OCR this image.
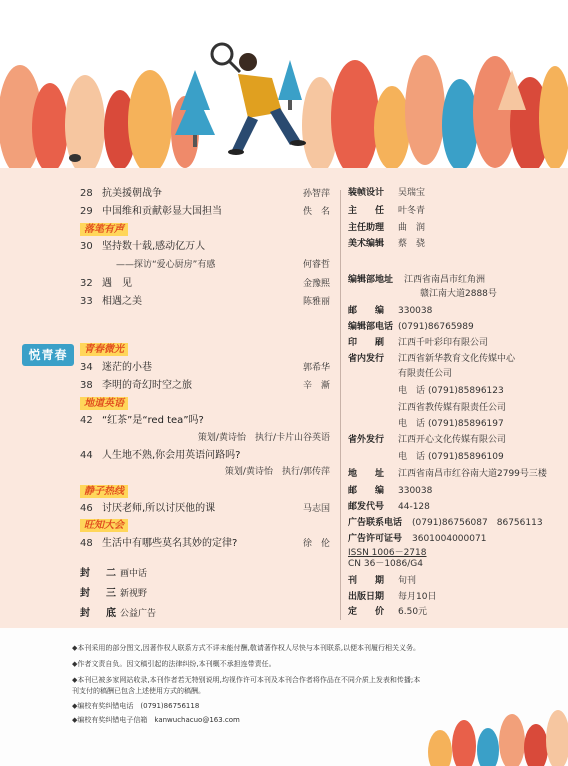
悦青春
28 抗美援朝战争	孙智萍
29 中国维和贡献彰显大国担当	佚　名
落笔有声
30 坚持数十载,感动亿万人
——探访“爱心厨房”有感	何睿哲
32 遇　见	金豫熙
33 相遇之美	陈雅丽
青春微光
34 迷茫的小巷	郭希华
38 李明的奇幻时空之旅	辛　漸
地道英语
42 “红茶”是“red tea”吗?
策划/黄诗怡　执行/卡片山谷英语
44 人生地不熟,你会用英语问路吗?
策划/黄诗怡　执行/郭传萍
静子热线
46 讨厌老师,所以讨厌他的课	马志国
旺知大会
48 生活中有哪些莫名其妙的定律?	徐　伦
封　二画中话
封　三新视野
封　底公益广告
装帧设计 吴瑞宝
主　　任 叶冬青
主任助理 曲　润
美术编辑 蔡　骁
编辑部地址 江西省南昌市红角洲
赣江南大道2888号
邮　　编 330038
编辑部电话 (0791)86765989
印　　刷 江西千叶彩印有限公司
省内发行 江西省新华教育文化传媒中心
有限责任公司
电　话 (0791)85896123
江西省教传媒有限责任公司
电　话 (0791)85896197
省外发行 江西开心文化传媒有限公司
电　话 (0791)85896109
地　　址 江西省南昌市红谷南大道2799号三楼
邮　　编 330038
邮发代号 44-128
广告联系电话 (0791)86756087　86756113
广告许可证号 3601004000071
ISSN 1006－2718
CN 36－1086/G4
刊　　期 旬刊
出版日期 每月10日
定　　价 6.50元
◆本刊采用的部分图文,因著作权人联系方式不详未能付酬,敬请著作权人尽快与本刊联系,以便本刊履行相关义务。
◆作者文责自负。因文稿引起的法律纠纷,本刊概不承担连带责任。
◆本刊已被多家网站收录,本刊作者若无特别说明,均视作许可本刊及本刊合作者将作品在不同介质上发表和传播;本
刊支付的稿酬已包含上述使用方式的稿酬。
◆编校有奖纠错电话　(0791)86756118
◆编校有奖纠错电子信箱　kanwuchacuo@163.com
